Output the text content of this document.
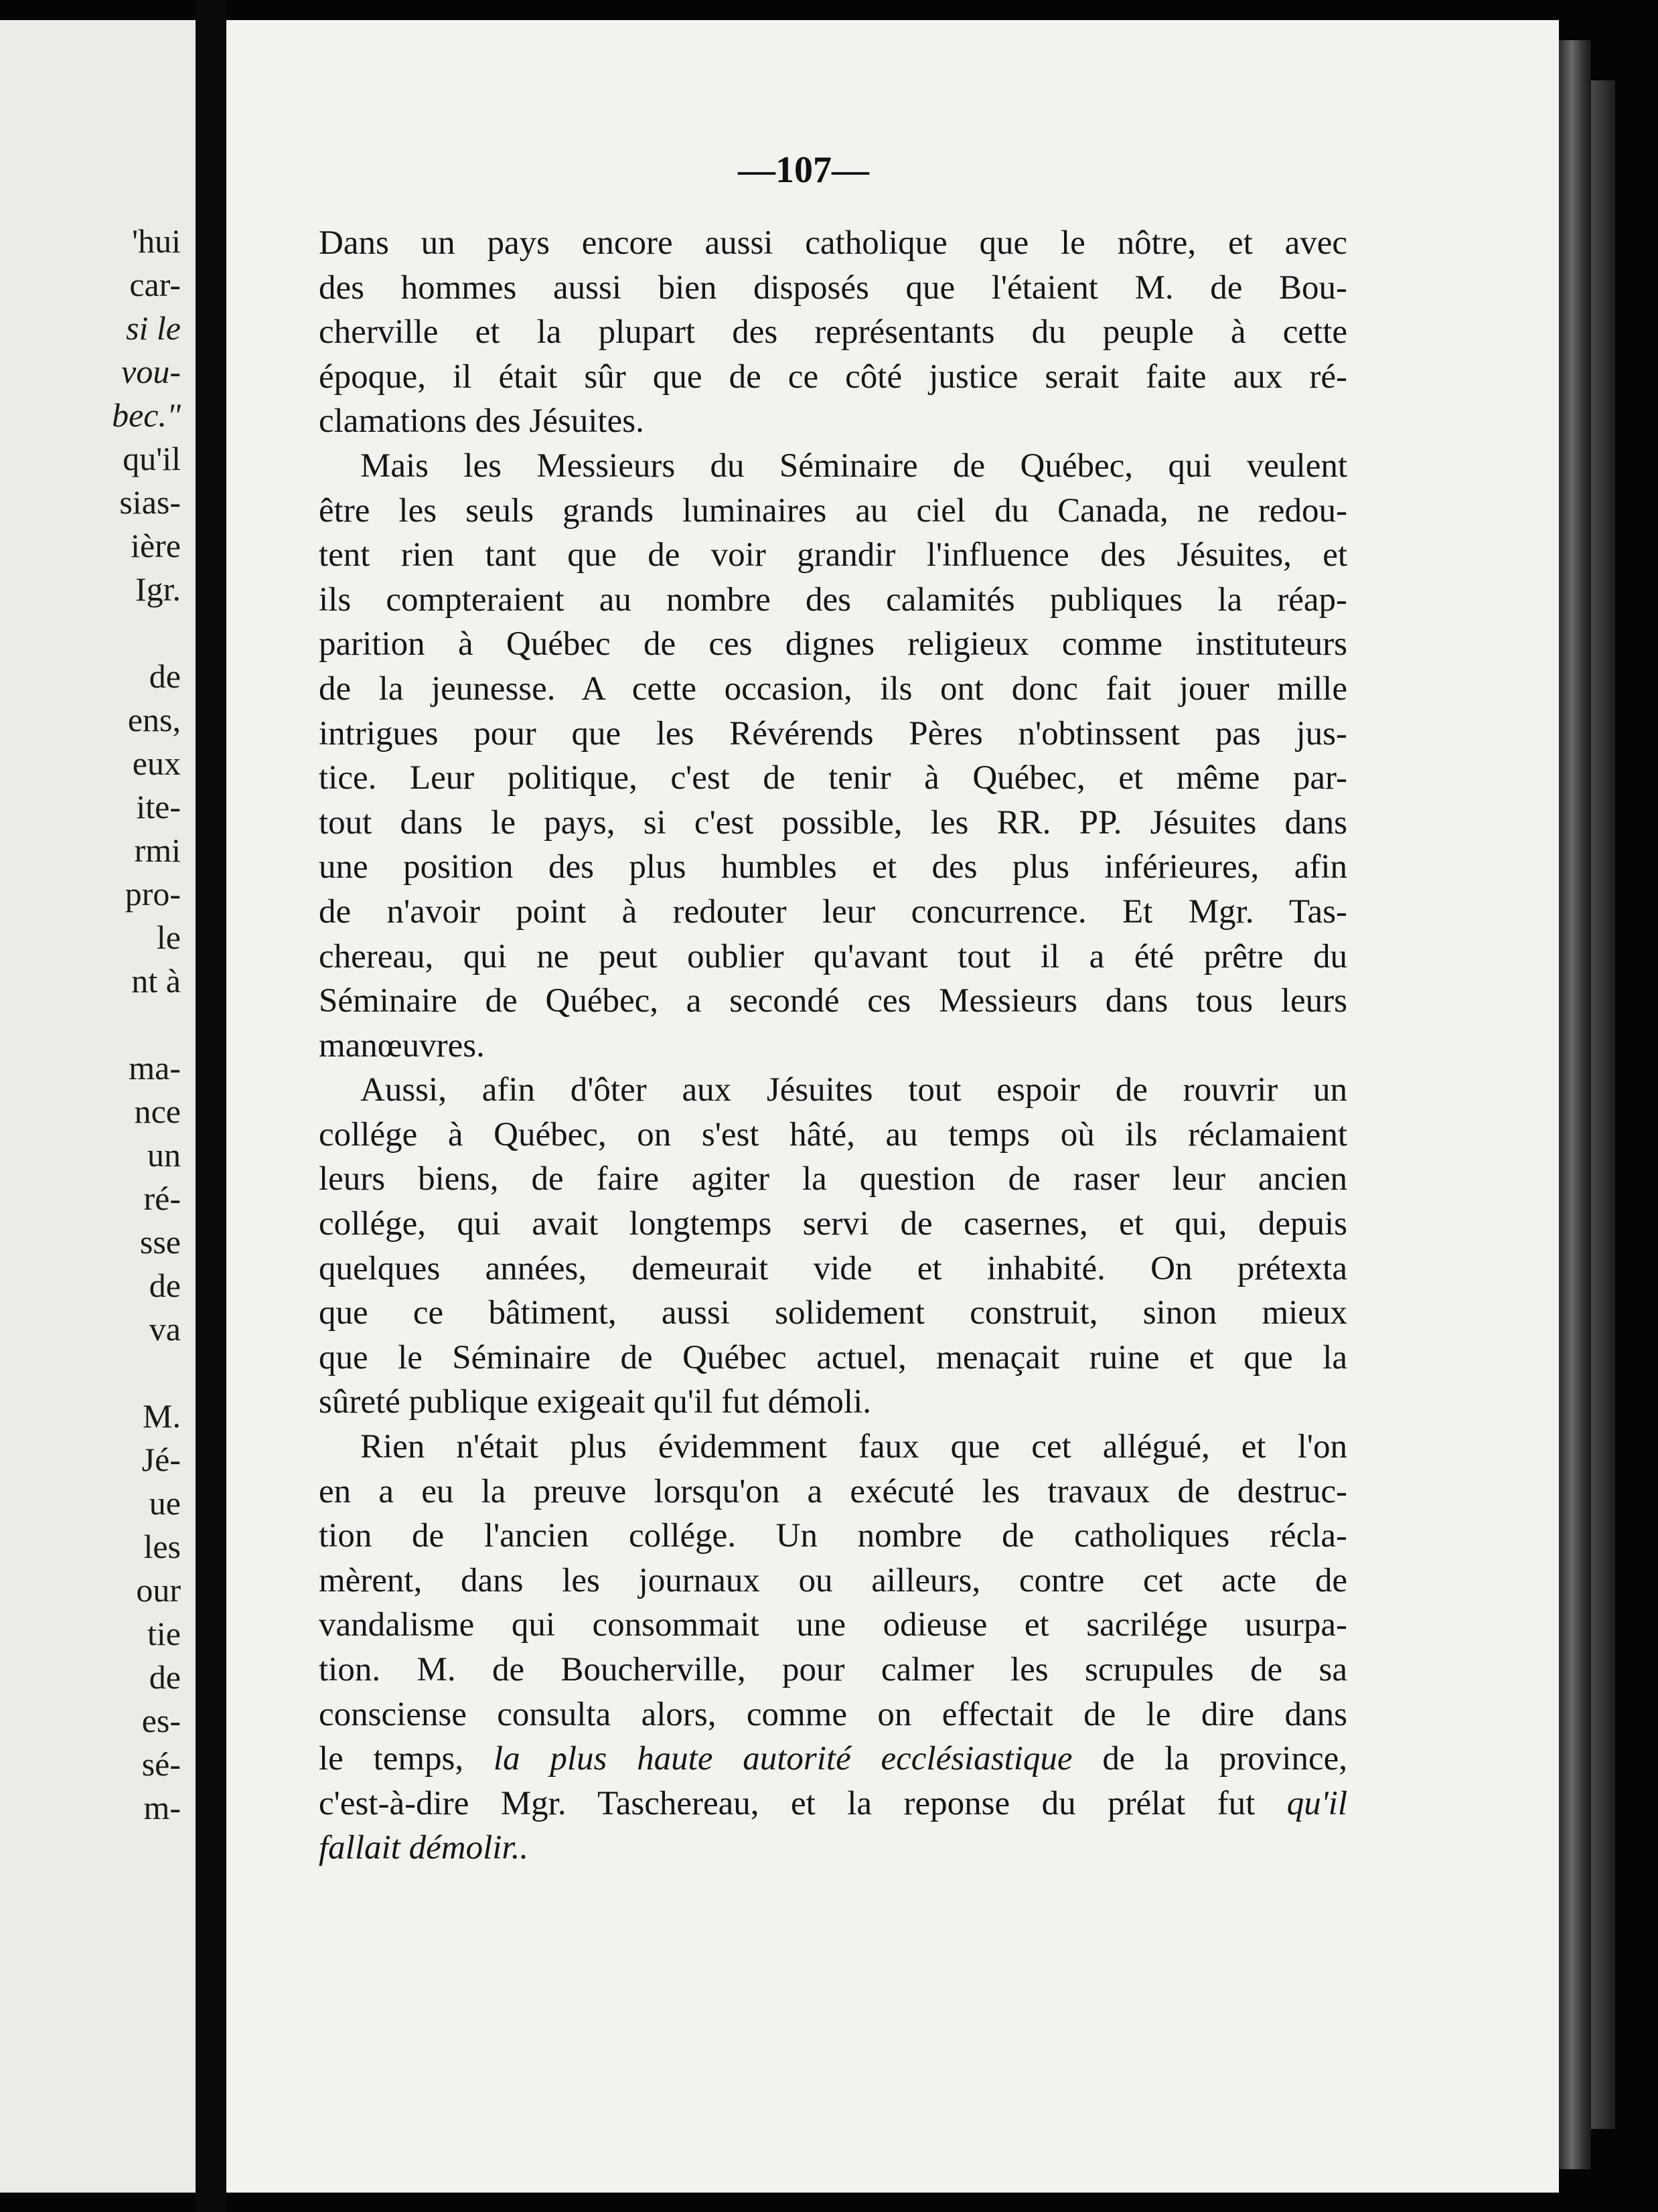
'hui
car-
si le
vou-
bec."
qu'il
sias-
ière
Igr.
de
ens,
eux
ite-
rmi
pro-
le
nt à
ma-
nce
un
ré-
sse
de
va
M.
Jé-
ue
les
our
tie
de
es-
sé-
m-
—107—
Dans un pays encore aussi catholique que le nôtre, et avec
des hommes aussi bien disposés que l'étaient M. de Bou-
cherville et la plupart des représentants du peuple à cette
époque, il était sûr que de ce côté justice serait faite aux ré-
clamations des Jésuites.
Mais les Messieurs du Séminaire de Québec, qui veulent
être les seuls grands luminaires au ciel du Canada, ne redou-
tent rien tant que de voir grandir l'influence des Jésuites, et
ils compteraient au nombre des calamités publiques la réap-
parition à Québec de ces dignes religieux comme instituteurs
de la jeunesse. A cette occasion, ils ont donc fait jouer mille
intrigues pour que les Révérends Pères n'obtinssent pas jus-
tice. Leur politique, c'est de tenir à Québec, et même par-
tout dans le pays, si c'est possible, les RR. PP. Jésuites dans
une position des plus humbles et des plus inférieures, afin
de n'avoir point à redouter leur concurrence. Et Mgr. Tas-
chereau, qui ne peut oublier qu'avant tout il a été prêtre du
Séminaire de Québec, a secondé ces Messieurs dans tous leurs
manœuvres.
Aussi, afin d'ôter aux Jésuites tout espoir de rouvrir un
collége à Québec, on s'est hâté, au temps où ils réclamaient
leurs biens, de faire agiter la question de raser leur ancien
collége, qui avait longtemps servi de casernes, et qui, depuis
quelques années, demeurait vide et inhabité. On prétexta
que ce bâtiment, aussi solidement construit, sinon mieux
que le Séminaire de Québec actuel, menaçait ruine et que la
sûreté publique exigeait qu'il fut démoli.
Rien n'était plus évidemment faux que cet allégué, et l'on
en a eu la preuve lorsqu'on a exécuté les travaux de destruc-
tion de l'ancien collége. Un nombre de catholiques récla-
mèrent, dans les journaux ou ailleurs, contre cet acte de
vandalisme qui consommait une odieuse et sacrilége usurpa-
tion. M. de Boucherville, pour calmer les scrupules de sa
consciense consulta alors, comme on effectait de le dire dans
le temps, la plus haute autorité ecclésiastique de la province,
c'est-à-dire Mgr. Taschereau, et la reponse du prélat fut qu'il
fallait démolir..
